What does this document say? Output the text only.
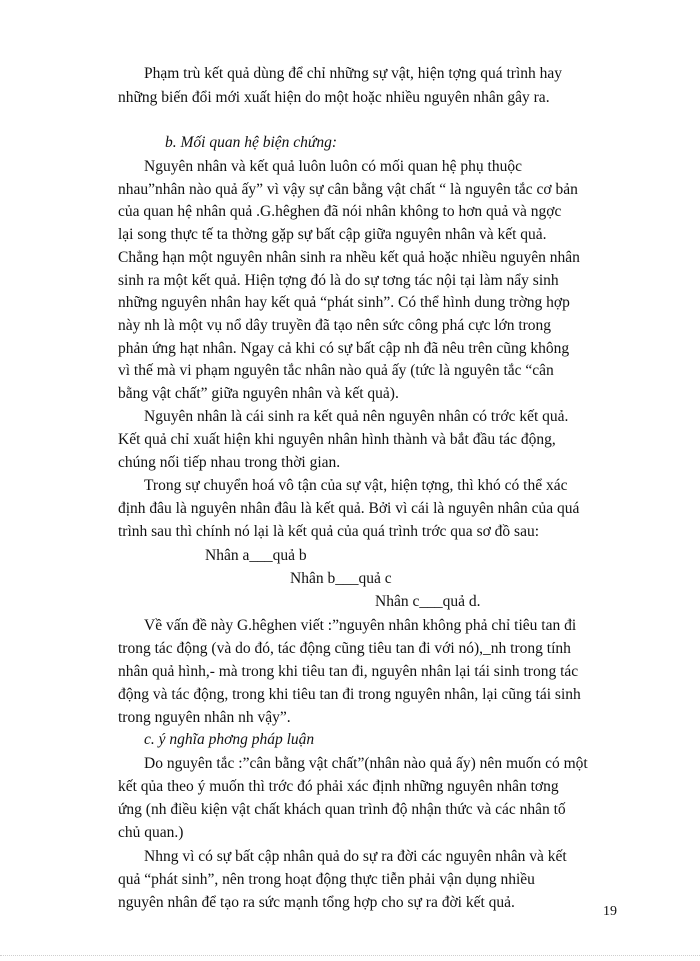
Phạm trù kết quả dùng để chỉ những sự vật, hiện tợng quá trình hay

những biến đổi mới xuất hiện do một hoặc nhiều nguyên nhân gây ra.

b. Mối quan hệ biện chứng:

Nguyên nhân và kết quả luôn luôn có mối quan hệ phụ thuộc

nhau”nhân nào quả ấy” vì vậy sự cân bằng vật chất “ là nguyên tắc cơ bản

của quan hệ nhân quả .G.hêghen đã nói nhân không to hơn quả và ngợc

lại song thực tế ta thờng gặp sự bất cập giữa nguyên nhân và kết quả.

Chẳng hạn một nguyên nhân sinh ra nhều kết quả hoặc nhiều nguyên nhân

sinh ra một kết quả. Hiện tợng đó là do sự tơng tác nội tại làm nẩy sinh

những nguyên nhân hay kết quả “phát sinh”. Có thể hình dung trờng hợp

này nh là một vụ nổ dây truyền đã tạo nên sức công phá cực lớn trong

phản ứng hạt nhân. Ngay cả khi có sự bất cập nh đã nêu trên cũng không

vì thế mà vi phạm nguyên tắc nhân nào quả ấy (tức là nguyên tắc “cân

bằng vật chất” giữa nguyên nhân và kết quả).

Nguyên nhân là cái sinh ra kết quả nên nguyên nhân có trớc kết quả.

Kết quả chỉ xuất hiện khi nguyên nhân hình thành và bắt đầu tác động,

chúng nối tiếp nhau trong thời gian.

Trong sự chuyển hoá vô tận của sự vật, hiện tợng, thì khó có thể xác

định đâu là nguyên nhân đâu là kết quả. Bởi vì cái là nguyên nhân của quá

trình sau thì chính nó lại là kết quả của quá trình trớc qua sơ đồ sau:

Nhân a___quả b

Nhân b___quả c

Nhân c___quả d.

Về vấn đề này G.hêghen viết :”nguyên nhân không phả chỉ tiêu tan đi

trong tác động (và do đó, tác động cũng tiêu tan đi với nó),_nh trong tính

nhân quả hình,- mà trong khi tiêu tan đi, nguyên nhân lại tái sinh trong tác

động và tác động, trong khi tiêu tan đi trong nguyên nhân, lại cũng tái sinh

trong nguyên nhân nh vậy”.

c. ý nghĩa phơng pháp luận

Do nguyên tắc :”cân bằng vật chất”(nhân nào quả ấy) nên muốn có một

kết qủa theo ý muốn thì trớc đó phải xác định những nguyên nhân tơng

ứng (nh điều kiện vật chất khách quan trình độ nhận thức và các nhân tố

chủ quan.)

Nhng vì có sự bất cập nhân quả do sự ra đời các nguyên nhân và kết

quả “phát sinh”, nên trong hoạt động thực tiễn phải vận dụng nhiều

nguyên nhân để tạo ra sức mạnh tổng hợp cho sự ra đời kết quả.

19
